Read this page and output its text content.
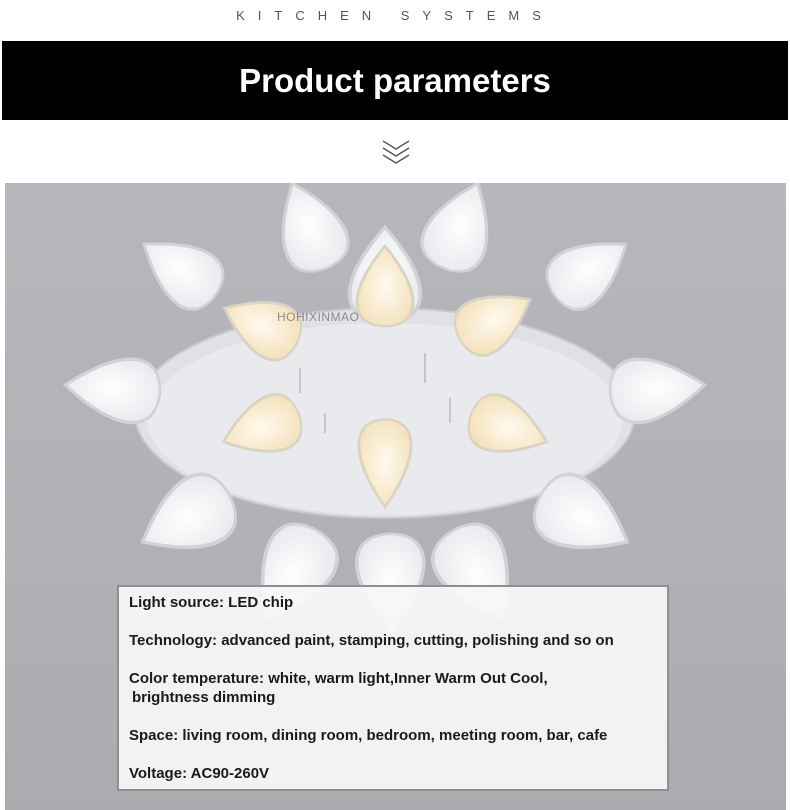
KITCHEN SYSTEMS
Product parameters
HOHIXINMAO
Light source: LED chip
Technology: advanced paint, stamping, cutting, polishing and so on
Color temperature: white, warm light,Inner Warm Out Cool,
brightness dimming
Space: living room, dining room, bedroom, meeting room, bar, cafe
Voltage: AC90-260V
